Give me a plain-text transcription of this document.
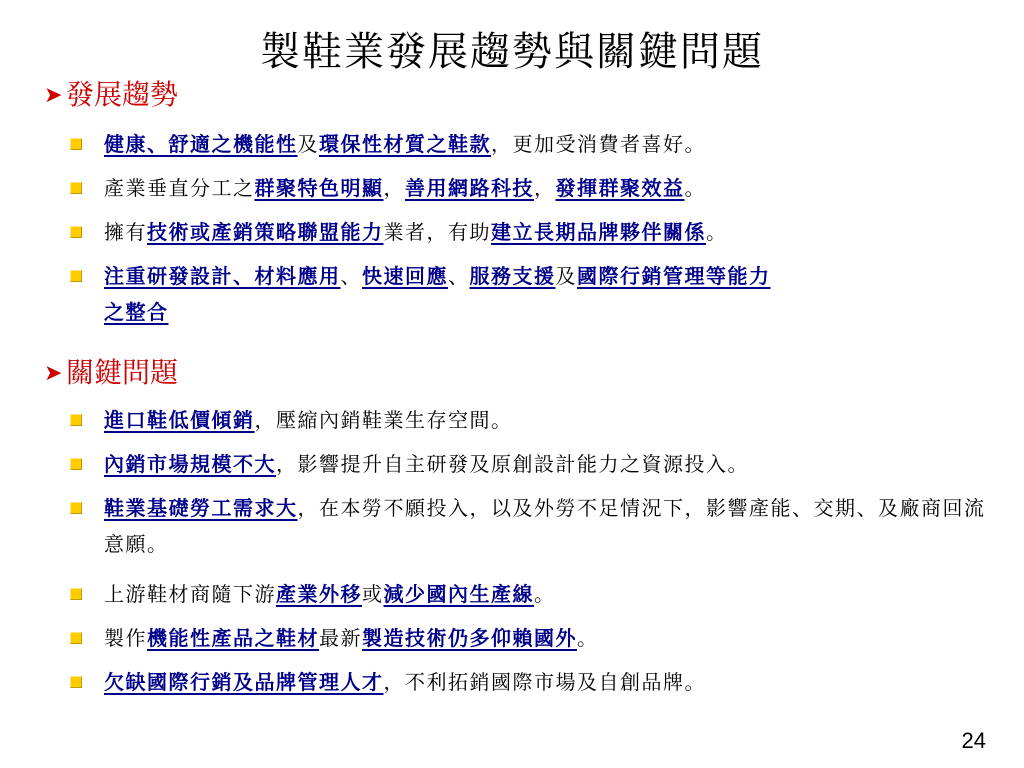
製鞋業發展趨勢與關鍵問題
➤ 發展趨勢
健康、舒適之機能性及環保性材質之鞋款，更加受消費者喜好。
產業垂直分工之群聚特色明顯，善用網路科技，發揮群聚效益。
擁有技術或產銷策略聯盟能力業者，有助建立長期品牌夥伴關係。
注重研發設計、材料應用、快速回應、服務支援及國際行銷管理等能力
之整合
➤ 關鍵問題
進口鞋低價傾銷，壓縮內銷鞋業生存空間。
內銷市場規模不大，影響提升自主研發及原創設計能力之資源投入。
鞋業基礎勞工需求大，在本勞不願投入，以及外勞不足情況下，影響產能、交期、及廠商回流意願。
上游鞋材商隨下游產業外移或減少國內生產線。
製作機能性產品之鞋材最新製造技術仍多仰賴國外。
欠缺國際行銷及品牌管理人才，不利拓銷國際市場及自創品牌。
24
